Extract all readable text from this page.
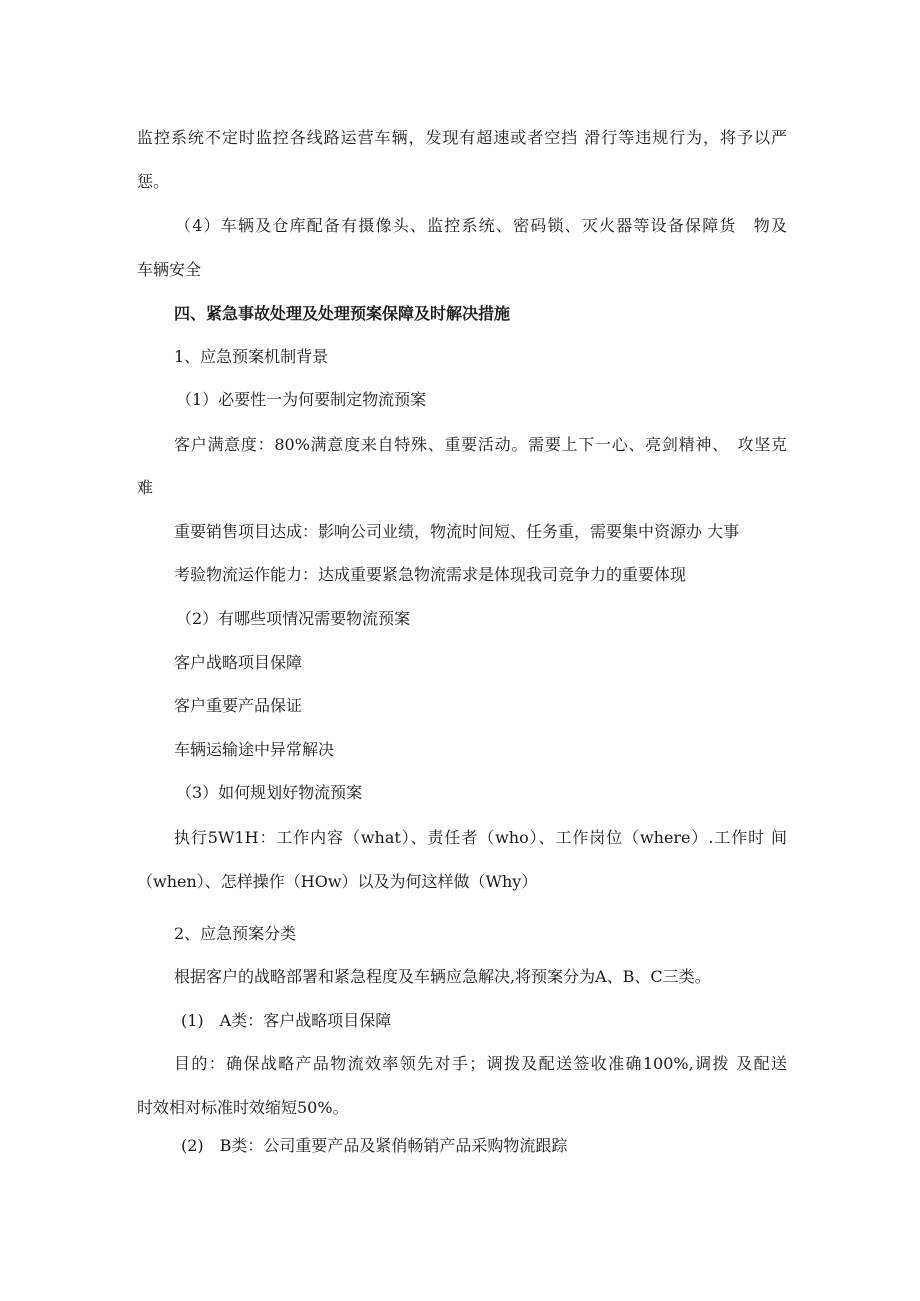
监控系统不定时监控各线路运营车辆，发现有超速或者空挡 滑行等违规行为，将予以严
惩。
（4）车辆及仓库配备有摄像头、监控系统、密码锁、灭火器等设备保障货　物及
车辆安全
四、紧急事故处理及处理预案保障及时解决措施
1、应急预案机制背景
（1）必要性一为何要制定物流预案
客户满意度：80%满意度来自特殊、重要活动。需要上下一心、亮剑精神、　攻坚克
难
重要销售项目达成：影响公司业绩，物流时间短、任务重，需要集中资源办 大事
考验物流运作能力：达成重要紧急物流需求是体现我司竞争力的重要体现
（2）有哪些项情况需要物流预案
客户战略项目保障
客户重要产品保证
车辆运输途中异常解决
（3）如何规划好物流预案
执行5W1H：工作内容（what）、责任者（who）、工作岗位（where）.工作时 间
（when）、怎样操作（HOw）以及为何这样做（Why）
2、应急预案分类
根据客户的战略部署和紧急程度及车辆应急解决,将预案分为A、B、C三类。
(1)　A类：客户战略项目保障
目的：确保战略产品物流效率领先对手；调拨及配送签收准确100%,调拨 及配送
时效相对标准时效缩短50%。
(2)　B类：公司重要产品及紧俏畅销产品采购物流跟踪
